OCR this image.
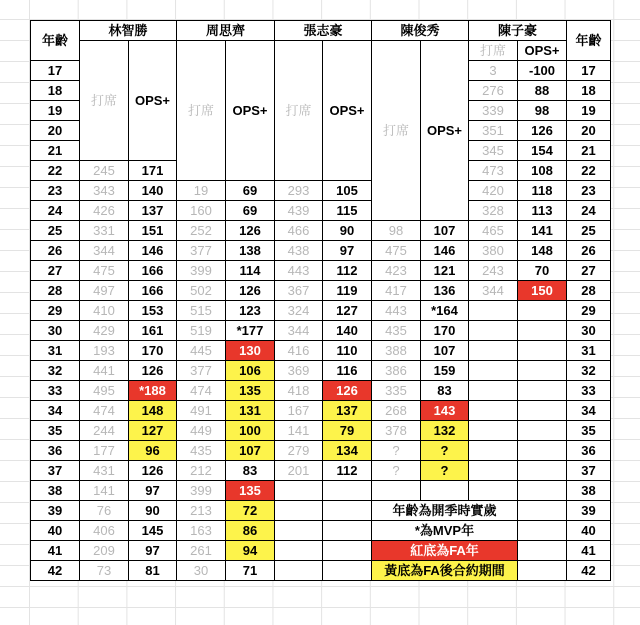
年齡	林智勝		周思齊		張志豪		陳俊秀		陳子豪		年齡
	打席	OPS+	打席	OPS+	打席	OPS+	打席	OPS+	打席	OPS+	
17									3	-100	17
18									276	88	18
19									339	98	19
20									351	126	20
21									345	154	21
22	245	171							473	108	22
23	343	140	19	69	293	105			420	118	23
24	426	137	160	69	439	115			328	113	24
25	331	151	252	126	466	90	98	107	465	141	25
26	344	146	377	138	438	97	475	146	380	148	26
27	475	166	399	114	443	112	423	121	243	70	27
28	497	166	502	126	367	119	417	136	344	150	28
29	410	153	515	123	324	127	443	*164			29
30	429	161	519	*177	344	140	435	170			30
31	193	170	445	130	416	110	388	107			31
32	441	126	377	106	369	116	386	159			32
33	495	*188	474	135	418	126	335	83			33
34	474	148	491	131	167	137	268	143			34
35	244	127	449	100	141	79	378	132			35
36	177	96	435	107	279	134	?	?			36
37	431	126	212	83	201	112	?	?			37
38	141	97	399	135							38
39	76	90	213	72			年齡為開季時實歲				39
40	406	145	163	86			*為MVP年				40
41	209	97	261	94			紅底為FA年				41
42	73	81	30	71			黃底為FA後合約期間				42
